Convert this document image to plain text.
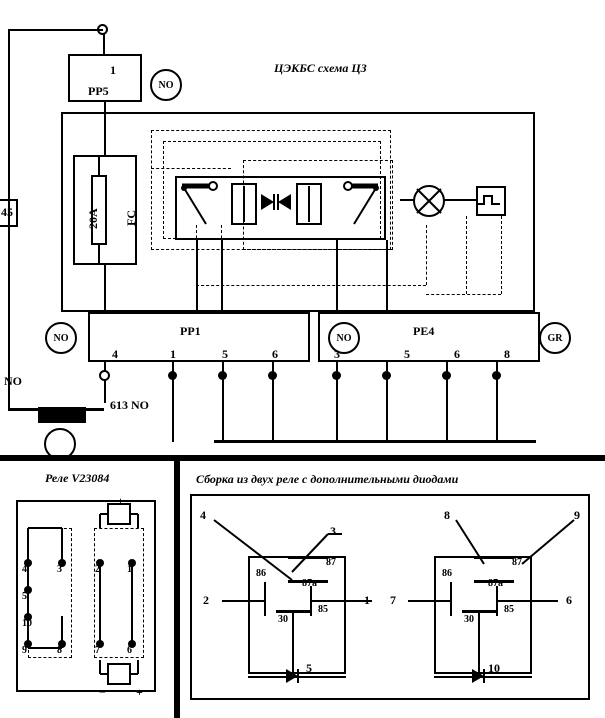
ЦЭКБС схема ЦЗ
1
PP5	NO
45	20A FC
PP1
NO
4	1	5	6
PE4
NO	GR
3	5	6	8
NO
613 NO
Реле V23084
+
−	+
4	3	2	1
5
10
9	8	7	6
Сборка из двух реле с дополнительными диодами
86
87
87a
85
30
4
3
2	1
5
86
87
87a
85
30
8	9
7	6
10
